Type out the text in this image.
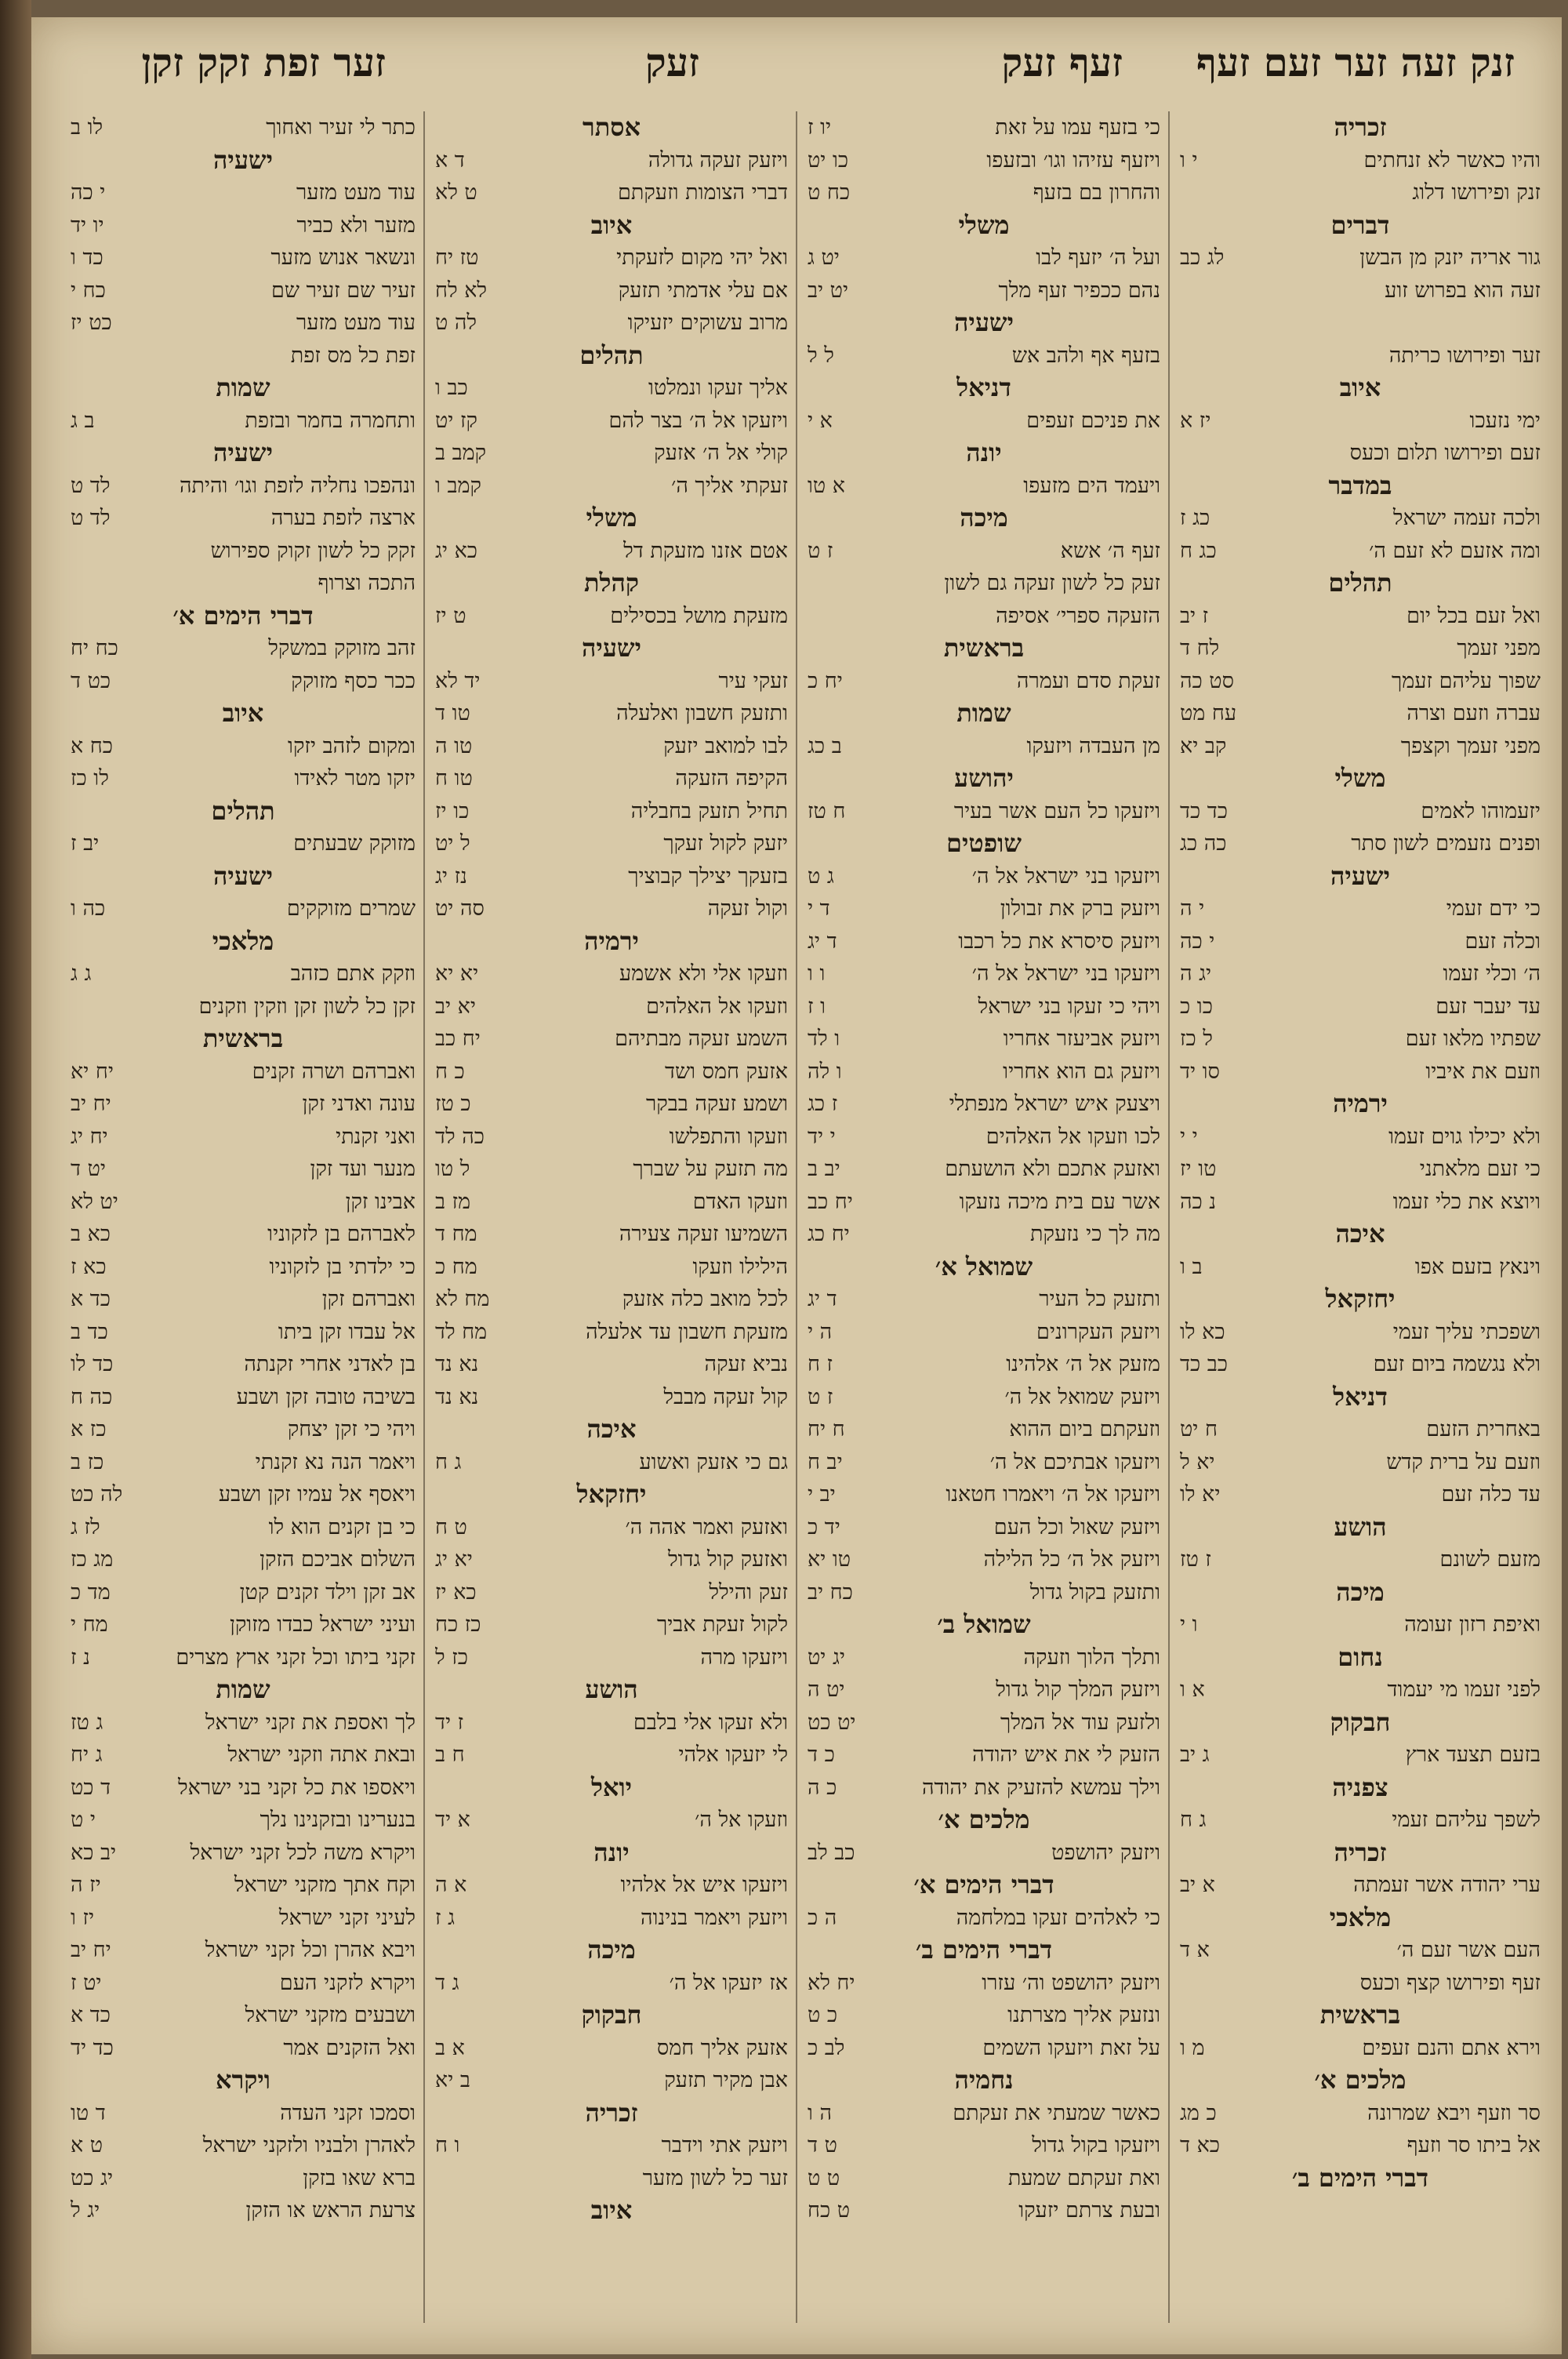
זער זפת זקק זקן	זעק	זעף זעק זנק זעה זער זעם זעף
כתר לי זעיר ואחוך
לו ב
ישעיה
עוד מעט מזער
י כה
מזער ולא כביר
יו יד
ונשאר אנוש מזער
כד ו
זעיר שם זעיר שם
כח י
עוד מעט מזער
כט יז
זפת כל מס זפת
שמות
ותחמרה בחמר ובזפת
ב ג
ישעיה
ונהפכו נחליה לזפת וגו׳ והיתה
לד ט
ארצה לזפת בערה
לד ט
זקק כל לשון זקוק ספירוש
התכה וצרוף
דברי הימים א׳
זהב מזוקק במשקל
כח יח
ככר כסף מזוקק
כט ד
איוב
ומקום לזהב יזקו
כח א
יזקו מטר לאידו
לו כז
תהלים
מזוקק שבעתים
יב ז
ישעיה
שמרים מזוקקים
כה ו
מלאכי
וזקק אתם כזהב
ג ג
זקן כל לשון זקן וזקין וזקנים
בראשית
ואברהם ושרה זקנים
יח יא
עונה ואדני זקן
יח יב
ואני זקנתי
יח יג
מנער ועד זקן
יט ד
אבינו זקן
יט לא
לאברהם בן לזקוניו
כא ב
כי ילדתי בן לזקוניו
כא ז
ואברהם זקן
כד א
אל עבדו זקן ביתו
כד ב
בן לאדני אחרי זקנתה
כד לו
בשיבה טובה זקן ושבע
כה ח
ויהי כי זקן יצחק
כז א
ויאמר הנה נא זקנתי
כז ב
ויאסף אל עמיו זקן ושבע
לה כט
כי בן זקנים הוא לו
לז ג
השלום אביכם הזקן
מג כז
אב זקן וילד זקנים קטן
מד כ
ועיני ישראל כבדו מזוקן
מח י
זקני ביתו וכל זקני ארץ מצרים
נ ז
שמות
לך ואספת את זקני ישראל
ג טז
ובאת אתה וזקני ישראל
ג יח
ויאספו את כל זקני בני ישראל
ד כט
בנערינו ובזקנינו נלך
י ט
ויקרא משה לכל זקני ישראל
יב כא
וקח אתך מזקני ישראל
יז ה
לעיני זקני ישראל
יז ו
ויבא אהרן וכל זקני ישראל
יח יב
ויקרא לזקני העם
יט ז
ושבעים מזקני ישראל
כד א
ואל הזקנים אמר
כד יד
ויקרא
וסמכו זקני העדה
ד טו
לאהרן ולבניו ולזקני ישראל
ט א
ברא שאו בזקן
יג כט
צרעת הראש או הזקן
יג ל
אסתר
ויזעק זעקה גדולה
ד א
דברי הצומות וזעקתם
ט לא
איוב
ואל יהי מקום לזעקתי
טז יח
אם עלי אדמתי תזעק
לא לח
מרוב עשוקים יזעיקו
לה ט
תהלים
אליך זעקו ונמלטו
כב ו
ויזעקו אל ה׳ בצר להם
קז יט
קולי אל ה׳ אזעק
קמב ב
זעקתי אליך ה׳
קמב ו
משלי
אטם אזנו מזעקת דל
כא יג
קהלת
מזעקת מושל בכסילים
ט יז
ישעיה
זעקי עיר
יד לא
ותזעק חשבון ואלעלה
טו ד
לבו למואב יזעק
טו ה
הקיפה הזעקה
טו ח
תחיל תזעק בחבליה
כו יז
יזעק לקול זעקך
ל יט
בזעקך יצילך קבוציך
נז יג
וקול זעקה
סה יט
ירמיה
וזעקו אלי ולא אשמע
יא יא
וזעקו אל האלהים
יא יב
השמע זעקה מבתיהם
יח כב
אזעק חמס ושד
כ ח
ושמע זעקה בבקר
כ טז
וזעקו והתפלשו
כה לד
מה תזעק על שברך
ל טו
וזעקו האדם
מז ב
השמיעו זעקה צעירה
מח ד
הילילו וזעקו
מח כ
לכל מואב כלה אזעק
מח לא
מזעקת חשבון עד אלעלה
מח לד
נביא זעקה
נא נד
קול זעקה מבבל
נא נד
איכה
גם כי אזעק ואשוע
ג ח
יחזקאל
ואזעק ואמר אהה ה׳
ט ח
ואזעק קול גדול
יא יג
זעק והילל
כא יז
לקול זעקת אביך
כז כח
ויזעקו מרה
כז ל
הושע
ולא זעקו אלי בלבם
ז יד
לי יזעקו אלהי
ח ב
יואל
וזעקו אל ה׳
א יד
יונה
ויזעקו איש אל אלהיו
א ה
ויזעק ויאמר בנינוה
ג ז
מיכה
אז יזעקו אל ה׳
ג ד
חבקוק
אזעק אליך חמס
א ב
אבן מקיר תזעק
ב יא
זכריה
ויזעק אתי וידבר
ו ח
זער כל לשון מזער
איוב
כי בזעף עמו על זאת
יו ז
ויזעף עזיהו וגו׳ ובזעפו
כו יט
והחרון בם בזעף
כח ט
משלי
ועל ה׳ יזעף לבו
יט ג
נהם ככפיר זעף מלך
יט יב
ישעיה
בזעף אף ולהב אש
ל ל
דניאל
את פניכם זעפים
א י
יונה
ויעמד הים מזעפו
א טו
מיכה
זעף ה׳ אשא
ז ט
זעק כל לשון זעקה גם לשון
הזעקה ספרי׳ אסיפה
בראשית
זעקת סדם ועמרה
יח כ
שמות
מן העבדה ויזעקו
ב כג
יהושע
ויזעקו כל העם אשר בעיר
ח טז
שופטים
ויזעקו בני ישראל אל ה׳
ג ט
ויזעק ברק את זבולון
ד י
ויזעק סיסרא את כל רכבו
ד יג
ויזעקו בני ישראל אל ה׳
ו ו
ויהי כי זעקו בני ישראל
ו ז
ויזעק אביעזר אחריו
ו לד
ויזעק גם הוא אחריו
ו לה
ויצעק איש ישראל מנפתלי
ז כג
לכו וזעקו אל האלהים
י יד
ואזעק אתכם ולא הושעתם
יב ב
אשר עם בית מיכה נזעקו
יח כב
מה לך כי נזעקת
יח כג
שמואל א׳
ותזעק כל העיר
ד יג
ויזעק העקרונים
ה י
מזעק אל ה׳ אלהינו
ז ח
ויזעק שמואל אל ה׳
ז ט
וזעקתם ביום ההוא
ח יח
ויזעקו אבתיכם אל ה׳
יב ח
ויזעקו אל ה׳ ויאמרו חטאנו
יב י
ויזעק שאול וכל העם
יד כ
ויזעק אל ה׳ כל הלילה
טו יא
ותזעק בקול גדול
כח יב
שמואל ב׳
ותלך הלוך וזעקה
יג יט
ויזעק המלך קול גדול
יט ה
ולזעק עוד אל המלך
יט כט
הזעק לי את איש יהודה
כ ד
וילך עמשא להזעיק את יהודה
כ ה
מלכים א׳
ויזעק יהושפט
כב לב
דברי הימים א׳
כי לאלהים זעקו במלחמה
ה כ
דברי הימים ב׳
ויזעק יהושפט וה׳ עזרו
יח לא
ונזעק אליך מצרתנו
כ ט
על זאת ויזעקו השמים
לב כ
נחמיה
כאשר שמעתי את זעקתם
ה ו
ויזעקו בקול גדול
ט ד
ואת זעקתם שמעת
ט ט
ובעת צרתם יזעקו
ט כח
זכריה
והיו כאשר לא זנחתים
י ו
זנק ופירושו דלוג
דברים
גור אריה יזנק מן הבשן
לג כב
זעה הוא בפרוש זוע
זער ופירושו כריתה
איוב
ימי נזעכו
יז א
זעם ופירושו תלום וכעס
במדבר
ולכה זעמה ישראל
כג ז
ומה אזעם לא זעם ה׳
כג ח
תהלים
ואל זעם בכל יום
ז יב
מפני זעמך
לח ד
שפוך עליהם זעמך
סט כה
עברה וזעם וצרה
עח מט
מפני זעמך וקצפך
קב יא
משלי
יזעמוהו לאמים
כד כד
ופנים נזעמים לשון סתר
כה כג
ישעיה
כי ידם זעמי
י ה
וכלה זעם
י כה
ה׳ וכלי זעמו
יג ה
עד יעבר זעם
כו כ
שפתיו מלאו זעם
ל כז
וזעם את איביו
סו יד
ירמיה
ולא יכילו גוים זעמו
י י
כי זעם מלאתני
טו יז
ויוצא את כלי זעמו
נ כה
איכה
וינאץ בזעם אפו
ב ו
יחזקאל
ושפכתי עליך זעמי
כא לו
ולא נגשמה ביום זעם
כב כד
דניאל
באחרית הזעם
ח יט
וזעם על ברית קדש
יא ל
עד כלה זעם
יא לו
הושע
מזעם לשונם
ז טז
מיכה
ואיפת רזון זעומה
ו י
נחום
לפני זעמו מי יעמוד
א ו
חבקוק
בזעם תצעד ארץ
ג יב
צפניה
לשפך עליהם זעמי
ג ח
זכריה
ערי יהודה אשר זעמתה
א יב
מלאכי
העם אשר זעם ה׳
א ד
זעף ופירושו קצף וכעס
בראשית
וירא אתם והנם זעפים
מ ו
מלכים א׳
סר וזעף ויבא שמרונה
כ מג
אל ביתו סר וזעף
כא ד
דברי הימים ב׳
